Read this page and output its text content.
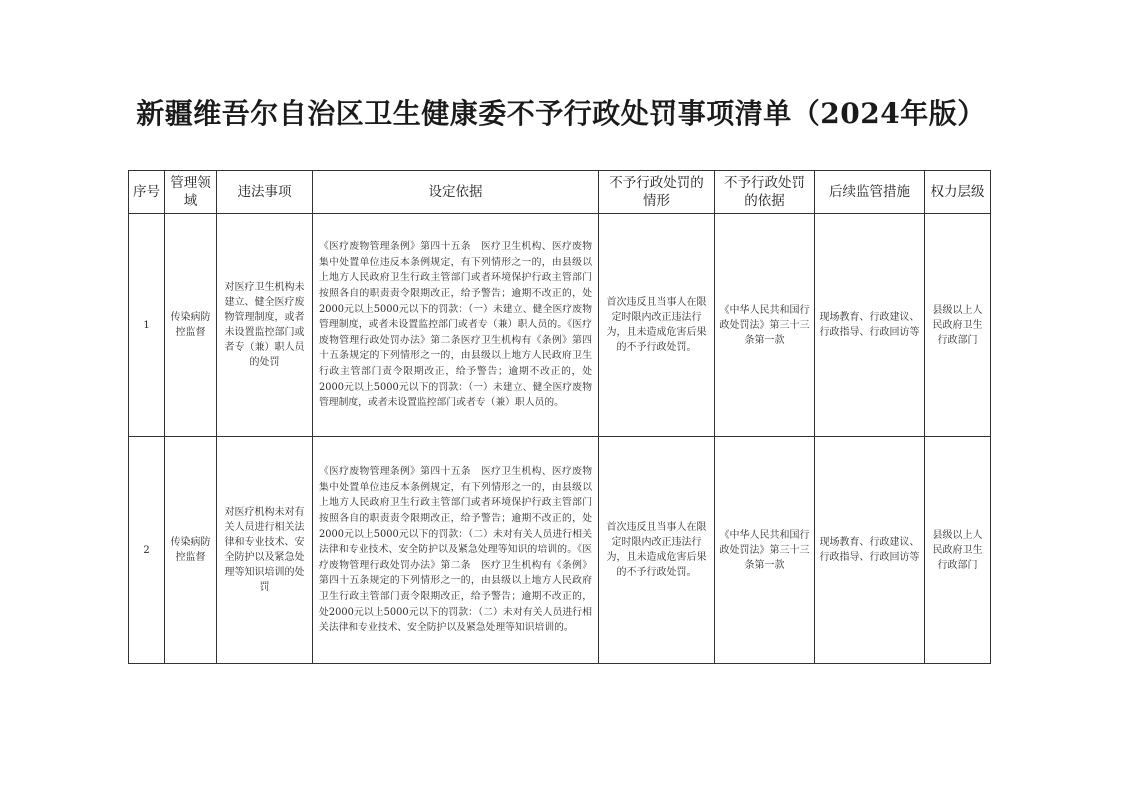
新疆维吾尔自治区卫生健康委不予行政处罚事项清单（2024年版）
序号	管理领域	违法事项	设定依据	不予行政处罚的情形	不予行政处罚的依据	后续监管措施	权力层级
1	传染病防控监督	对医疗卫生机构未建立、健全医疗废物管理制度，或者未设置监控部门或者专（兼）职人员的处罚	《医疗废物管理条例》第四十五条　医疗卫生机构、医疗废物集中处置单位违反本条例规定，有下列情形之一的，由县级以上地方人民政府卫生行政主管部门或者环境保护行政主管部门按照各自的职责责令限期改正，给予警告；逾期不改正的，处2000元以上5000元以下的罚款：（一）未建立、健全医疗废物管理制度，或者未设置监控部门或者专（兼）职人员的。《医疗废物管理行政处罚办法》第二条医疗卫生机构有《条例》第四十五条规定的下列情形之一的，由县级以上地方人民政府卫生行政主管部门责令限期改正，给予警告；逾期不改正的，处2000元以上5000元以下的罚款：（一）未建立、健全医疗废物管理制度，或者未设置监控部门或者专（兼）职人员的。	首次违反且当事人在限定时限内改正违法行为，且未造成危害后果的不予行政处罚。	《中华人民共和国行政处罚法》第三十三条第一款	现场教育、行政建议、行政指导、行政回访等	县级以上人民政府卫生行政部门
2	传染病防控监督	对医疗机构未对有关人员进行相关法律和专业技术、安全防护以及紧急处理等知识培训的处罚	《医疗废物管理条例》第四十五条　医疗卫生机构、医疗废物集中处置单位违反本条例规定，有下列情形之一的，由县级以上地方人民政府卫生行政主管部门或者环境保护行政主管部门按照各自的职责责令限期改正，给予警告；逾期不改正的，处2000元以上5000元以下的罚款：（二）未对有关人员进行相关法律和专业技术、安全防护以及紧急处理等知识的培训的。《医疗废物管理行政处罚办法》第二条　医疗卫生机构有《条例》第四十五条规定的下列情形之一的，由县级以上地方人民政府卫生行政主管部门责令限期改正，给予警告；逾期不改正的，处2000元以上5000元以下的罚款：（二）未对有关人员进行相关法律和专业技术、安全防护以及紧急处理等知识培训的。	首次违反且当事人在限定时限内改正违法行为，且未造成危害后果的不予行政处罚。	《中华人民共和国行政处罚法》第三十三条第一款	现场教育、行政建议、行政指导、行政回访等	县级以上人民政府卫生行政部门
